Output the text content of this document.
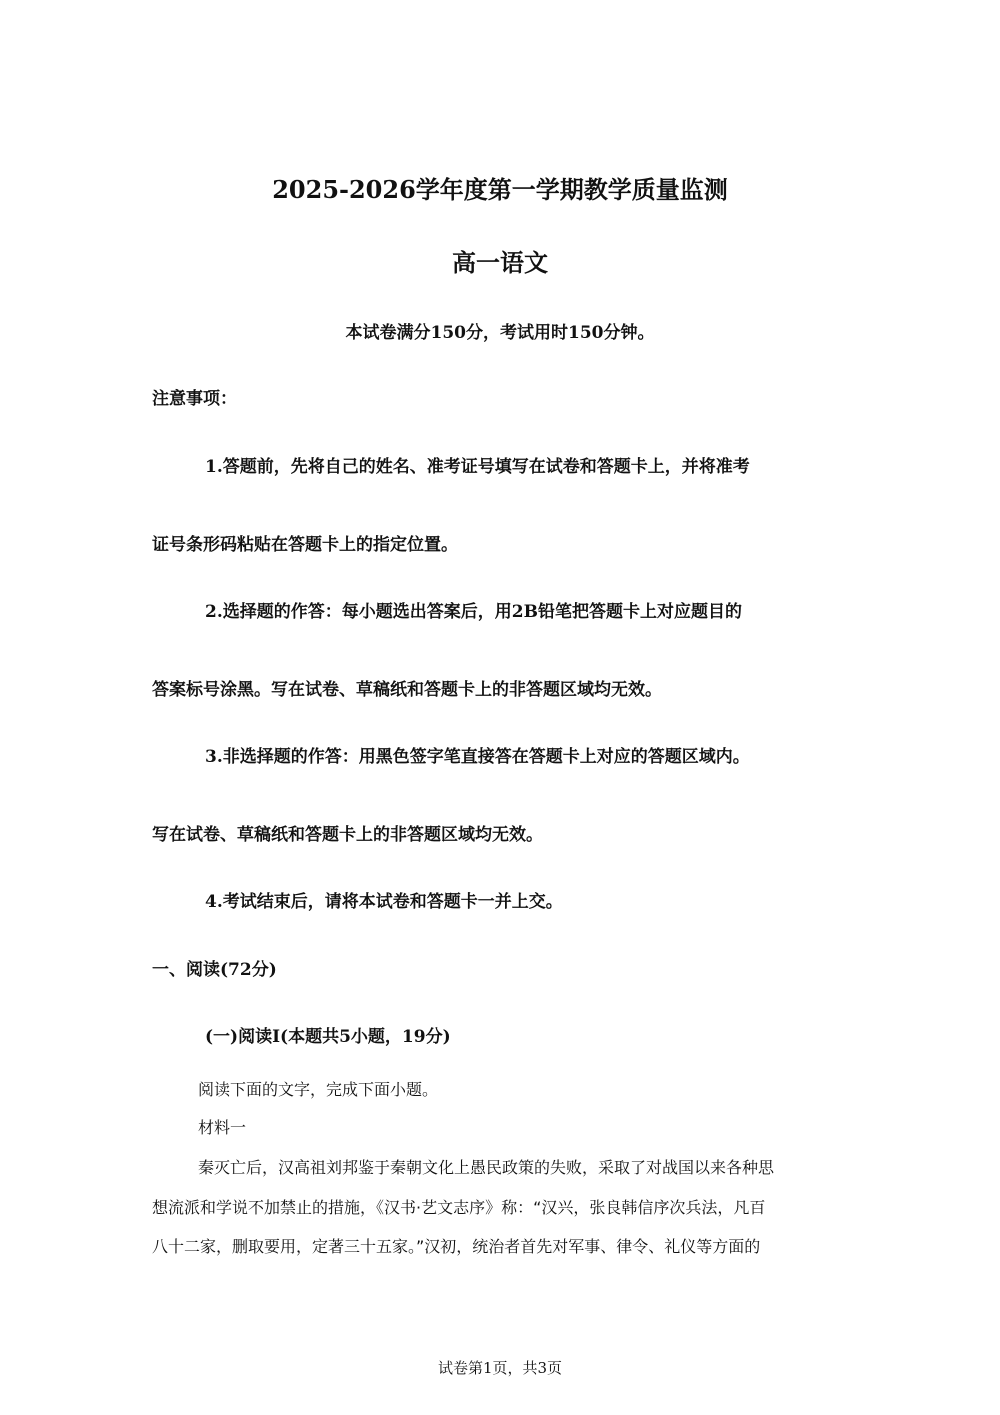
2025-2026学年度第一学期教学质量监测
高一语文
本试卷满分150分，考试用时150分钟。
注意事项：
1.答题前，先将自己的姓名、准考证号填写在试卷和答题卡上，并将准考
证号条形码粘贴在答题卡上的指定位置。
2.选择题的作答：每小题选出答案后，用2B铅笔把答题卡上对应题目的
答案标号涂黑。写在试卷、草稿纸和答题卡上的非答题区域均无效。
3.非选择题的作答：用黑色签字笔直接答在答题卡上对应的答题区域内。
写在试卷、草稿纸和答题卡上的非答题区域均无效。
4.考试结束后，请将本试卷和答题卡一并上交。
一、阅读(72分)
(一)阅读Ⅰ(本题共5小题，19分)
阅读下面的文字，完成下面小题。
材料一
秦灭亡后，汉高祖刘邦鉴于秦朝文化上愚民政策的失败，采取了对战国以来各种思
想流派和学说不加禁止的措施，《汉书·艺文志序》称：“汉兴，张良韩信序次兵法，凡百
八十二家，删取要用，定著三十五家。”汉初，统治者首先对军事、律令、礼仪等方面的
试卷第1页，共3页
